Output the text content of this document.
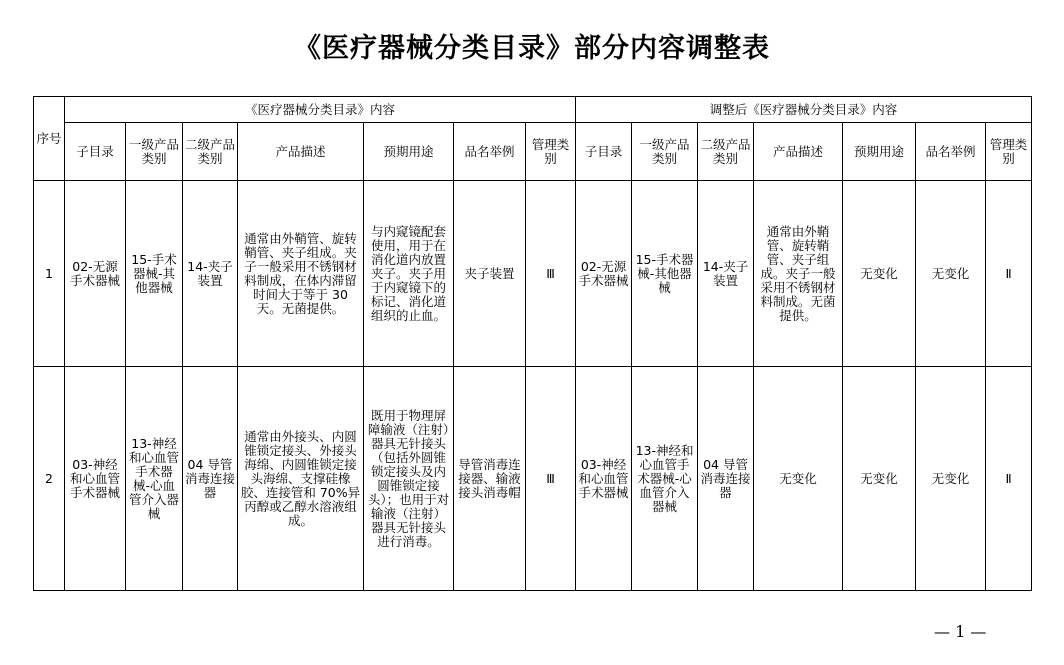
《医疗器械分类目录》部分内容调整表
序号	《医疗器械分类目录》内容							调整后《医疗器械分类目录》内容						
	子目录	一级产品类别	二级产品类别	产品描述	预期用途	品名举例	管理类别	子目录	一级产品类别	二级产品类别	产品描述	预期用途	品名举例	管理类别
1	02-无源手术器械	15-手术器械-其他器械	14-夹子装置	通常由外鞘管、旋转鞘管、夹子组成。夹子一般采用不锈钢材料制成，在体内滞留时间大于等于 30 天。无菌提供。	与内窥镜配套使用，用于在消化道内放置夹子。夹子用于内窥镜下的标记、消化道组织的止血。	夹子装置	Ⅲ	02-无源手术器械	15-手术器械-其他器械	14-夹子装置	通常由外鞘管、旋转鞘管、夹子组成。夹子一般采用不锈钢材料制成。无菌提供。	无变化	无变化	Ⅱ
2	03-神经和心血管手术器械	13-神经和心血管手术器械-心血管介入器械	04 导管消毒连接器	通常由外接头、内圆锥锁定接头、外接头海绵、内圆锥锁定接头海绵、支撑硅橡胶、连接管和 70%异丙醇或乙醇水溶液组成。	既用于物理屏障输液（注射）器具无针接头（包括外圆锥锁定接头及内圆锥锁定接头）；也用于对输液（注射）器具无针接头进行消毒。	导管消毒连接器、输液接头消毒帽	Ⅲ	03-神经和心血管手术器械	13-神经和心血管手术器械-心血管介入器械	04 导管消毒连接器	无变化	无变化	无变化	Ⅱ
— 1 —
